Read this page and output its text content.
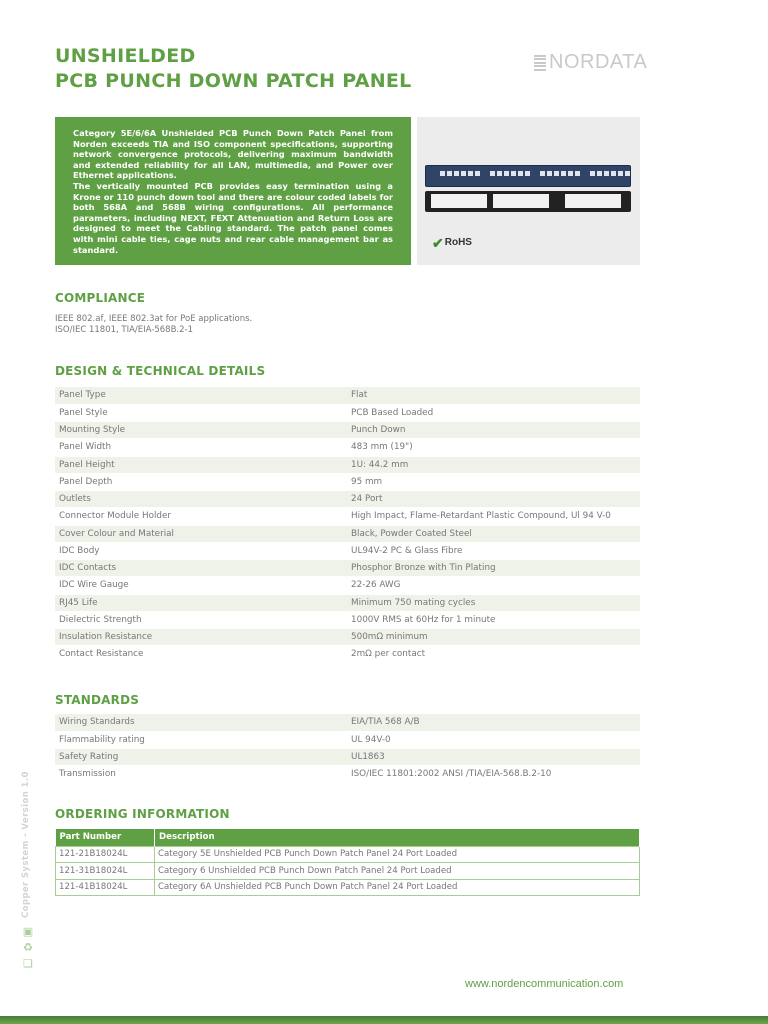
UNSHIELDED
PCB PUNCH DOWN PATCH PANEL
NORDATA

Category 5E/6/6A Unshielded PCB Punch Down Patch Panel from Norden exceeds TIA and ISO component specifications, supporting network convergence protocols, delivering maximum bandwidth and extended reliability for all LAN, multimedia, and Power over Ethernet applications.

The vertically mounted PCB provides easy termination using a Krone or 110 punch down tool and there are colour coded labels for both 568A and 568B wiring configurations. All performance parameters, including NEXT, FEXT Attenuation and Return Loss are designed to meet the Cabling standard. The patch panel comes with mini cable ties, cage nuts and rear cable management bar as standard.	✔ RoHS
COMPLIANCE
IEEE 802.af, IEEE 802.3at for PoE applications.
ISO/IEC 11801, TIA/EIA-568B.2-1
DESIGN & TECHNICAL DETAILS
Panel Type	Flat
Panel Style	PCB Based Loaded
Mounting Style	Punch Down
Panel Width	483 mm (19")
Panel Height	1U: 44.2 mm
Panel Depth	95 mm
Outlets	24 Port
Connector Module Holder	High Impact, Flame-Retardant Plastic Compound, Ul 94 V-0
Cover Colour and Material	Black, Powder Coated Steel
IDC Body	UL94V-2 PC & Glass Fibre
IDC Contacts	Phosphor Bronze with Tin Plating
IDC Wire Gauge	22-26 AWG
RJ45 Life	Minimum 750 mating cycles
Dielectric Strength	1000V RMS at 60Hz for 1 minute
Insulation Resistance	500mΩ minimum
Contact Resistance	2mΩ per contact
STANDARDS
Wiring Standards	EIA/TIA 568 A/B
Flammability rating	UL 94V-0
Safety Rating	UL1863
Transmission	ISO/IEC 11801:2002 ANSI /TIA/EIA-568.B.2-10
ORDERING INFORMATION
Part Number	Description
121-21B18024L	Category 5E Unshielded PCB Punch Down Patch Panel 24 Port Loaded
121-31B18024L	Category 6 Unshielded PCB Punch Down Patch Panel 24 Port Loaded
121-41B18024L	Category 6A Unshielded PCB Punch Down Patch Panel 24 Port Loaded
Copper System - Version 1.0
▣
♻
❏
www.nordencommunication.com
